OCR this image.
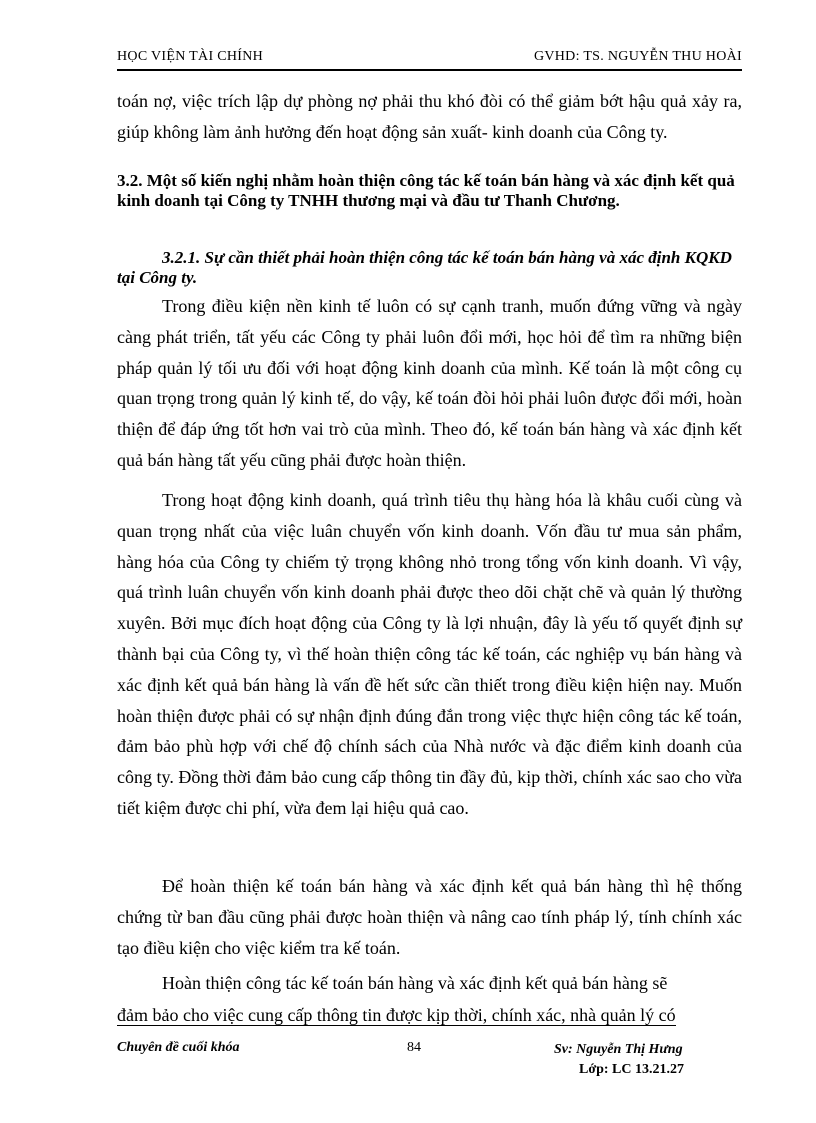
HỌC VIỆN TÀI CHÍNH	GVHD: TS. NGUYỄN THU HOÀI
toán nợ, việc trích lập dự phòng nợ phải thu khó đòi có thể giảm bớt hậu quả xảy ra, giúp không làm ảnh hưởng đến hoạt động sản xuất- kinh doanh của Công ty.
3.2. Một số kiến nghị nhằm hoàn thiện công tác kế toán bán hàng và xác định kết quả kinh doanh tại Công ty TNHH thương mại và đầu tư Thanh Chương.
3.2.1. Sự cần thiết phải hoàn thiện công tác kế toán bán hàng và xác định KQKD tại Công ty.
Trong điều kiện nền kinh tế luôn có sự cạnh tranh, muốn đứng vững và ngày càng phát triển, tất yếu các Công ty phải luôn đổi mới, học hỏi để tìm ra những biện pháp quản lý tối ưu đối với hoạt động kinh doanh của mình. Kế toán là một công cụ quan trọng trong quản lý kinh tế, do vậy, kế toán đòi hỏi phải luôn được đổi mới, hoàn thiện để đáp ứng tốt hơn vai trò của mình. Theo đó, kế toán bán hàng và xác định kết quả bán hàng tất yếu cũng phải được hoàn thiện.
Trong hoạt động kinh doanh, quá trình tiêu thụ hàng hóa là khâu cuối cùng và quan trọng nhất của việc luân chuyển vốn kinh doanh. Vốn đầu tư mua sản phẩm, hàng hóa của Công ty chiếm tỷ trọng không nhỏ trong tổng vốn kinh doanh. Vì vậy, quá trình luân chuyển vốn kinh doanh phải được theo dõi chặt chẽ và quản lý thường xuyên. Bởi mục đích hoạt động của Công ty là lợi nhuận, đây là yếu tố quyết định sự thành bại của Công ty, vì thế hoàn thiện công tác kế toán, các nghiệp vụ bán hàng và xác định kết quả bán hàng là vấn đề hết sức cần thiết trong điều kiện hiện nay. Muốn hoàn thiện được phải có sự nhận định đúng đắn trong việc thực hiện công tác kế toán, đảm bảo phù hợp với chế độ chính sách của Nhà nước và đặc điểm kinh doanh của công ty. Đồng thời đảm bảo cung cấp thông tin đầy đủ, kịp thời, chính xác sao cho vừa tiết kiệm được chi phí, vừa đem lại hiệu quả cao.
Để hoàn thiện kế toán bán hàng và xác định kết quả bán hàng thì hệ thống chứng từ ban đầu cũng phải được hoàn thiện và nâng cao tính pháp lý, tính chính xác tạo điều kiện cho việc kiểm tra kế toán.
Hoàn thiện công tác kế toán bán hàng và xác định kết quả bán hàng sẽ
đảm bảo cho việc cung cấp thông tin được kịp thời, chính xác, nhà quản lý có
Chuyên đề cuối khóa	84	Sv: Nguyễn Thị Hưng
Lớp: LC 13.21.27
